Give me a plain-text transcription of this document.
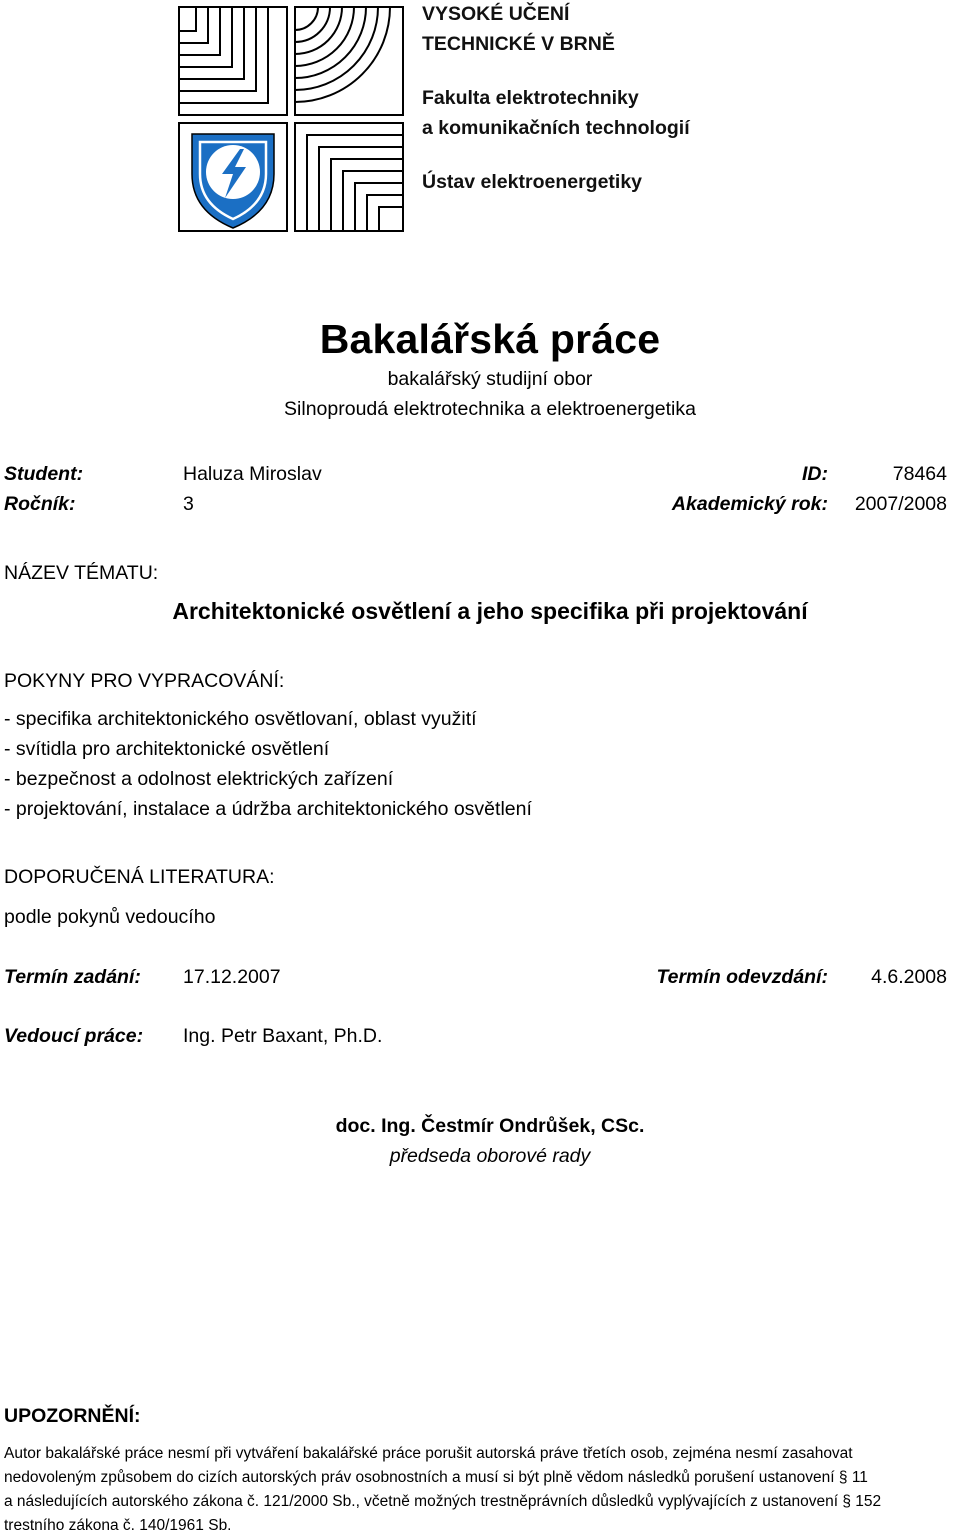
VYSOKÉ UČENÍ
TECHNICKÉ V BRNĚ
Fakulta elektrotechniky
a komunikačních technologií
Ústav elektroenergetiky
Bakalářská práce
bakalářský studijní obor
Silnoproudá elektrotechnika a elektroenergetika
Student:	Haluza Miroslav	ID:	78464
Ročník:	3	Akademický rok: 2007/2008
NÁZEV TÉMATU:
Architektonické osvětlení a jeho specifika při projektování
POKYNY PRO VYPRACOVÁNÍ:
- specifika architektonického osvětlovaní, oblast využití
- svítidla pro architektonické osvětlení
- bezpečnost a odolnost elektrických zařízení
- projektování, instalace a údržba architektonického osvětlení
DOPORUČENÁ LITERATURA:
podle pokynů vedoucího
Termín zadání: 17.12.2007	Termín odevzdání: 4.6.2008
Vedoucí práce: Ing. Petr Baxant, Ph.D.
doc. Ing. Čestmír Ondrůšek, CSc.
předseda oborové rady
UPOZORNĚNÍ:

Autor bakalářské práce nesmí při vytváření bakalářské práce porušit autorská práve třetích osob, zejména nesmí zasahovat

nedovoleným způsobem do cizích autorských práv osobnostních a musí si být plně vědom následků porušení ustanovení § 11

a následujících autorského zákona č. 121/2000 Sb., včetně možných trestněprávních důsledků vyplývajících z ustanovení § 152

trestního zákona č. 140/1961 Sb.
